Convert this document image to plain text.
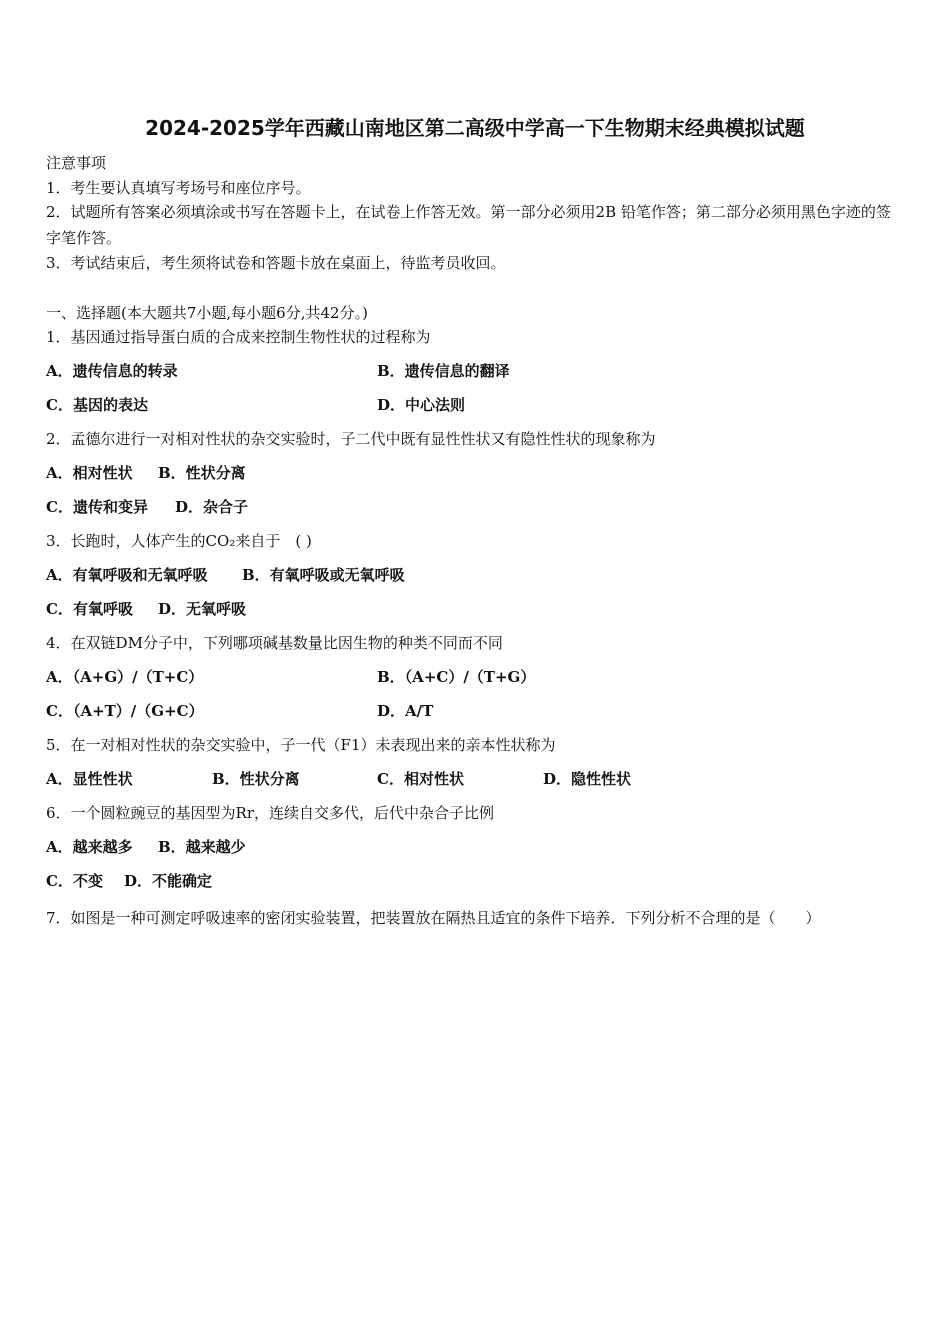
2024-2025学年西藏山南地区第二高级中学高一下生物期末经典模拟试题
注意事项
1．考生要认真填写考场号和座位序号。
2．试题所有答案必须填涂或书写在答题卡上，在试卷上作答无效。第一部分必须用2B 铅笔作答；第二部分必须用黑色字迹的签字笔作答。
3．考试结束后，考生须将试卷和答题卡放在桌面上，待监考员收回。
一、选择题(本大题共7小题,每小题6分,共42分。)
1．基因通过指导蛋白质的合成来控制生物性状的过程称为
A．遗传信息的转录	B．遗传信息的翻译
C．基因的表达	D．中心法则
2．孟德尔进行一对相对性状的杂交实验时，子二代中既有显性性状又有隐性性状的现象称为
A．相对性状 B．性状分离
C．遗传和变异 D．杂合子
3．长跑时，人体产生的CO₂来自于　( )
A．有氧呼吸和无氧呼吸 B．有氧呼吸或无氧呼吸
C．有氧呼吸 D．无氧呼吸
4．在双链DM分子中，下列哪项碱基数量比因生物的种类不同而不同
A．（A+G）/（T+C）	B．（A+C）/（T+G）
C．（A+T）/（G+C）	D．A/T
5．在一对相对性状的杂交实验中，子一代（F1）未表现出来的亲本性状称为
A．显性性状	B．性状分离	C．相对性状	D．隐性性状
6．一个圆粒豌豆的基因型为Rr，连续自交多代，后代中杂合子比例
A．越来越多 B．越来越少
C．不变 D．不能确定
7．如图是一种可测定呼吸速率的密闭实验装置，把装置放在隔热且适宜的条件下培养．下列分析不合理的是（　　）
